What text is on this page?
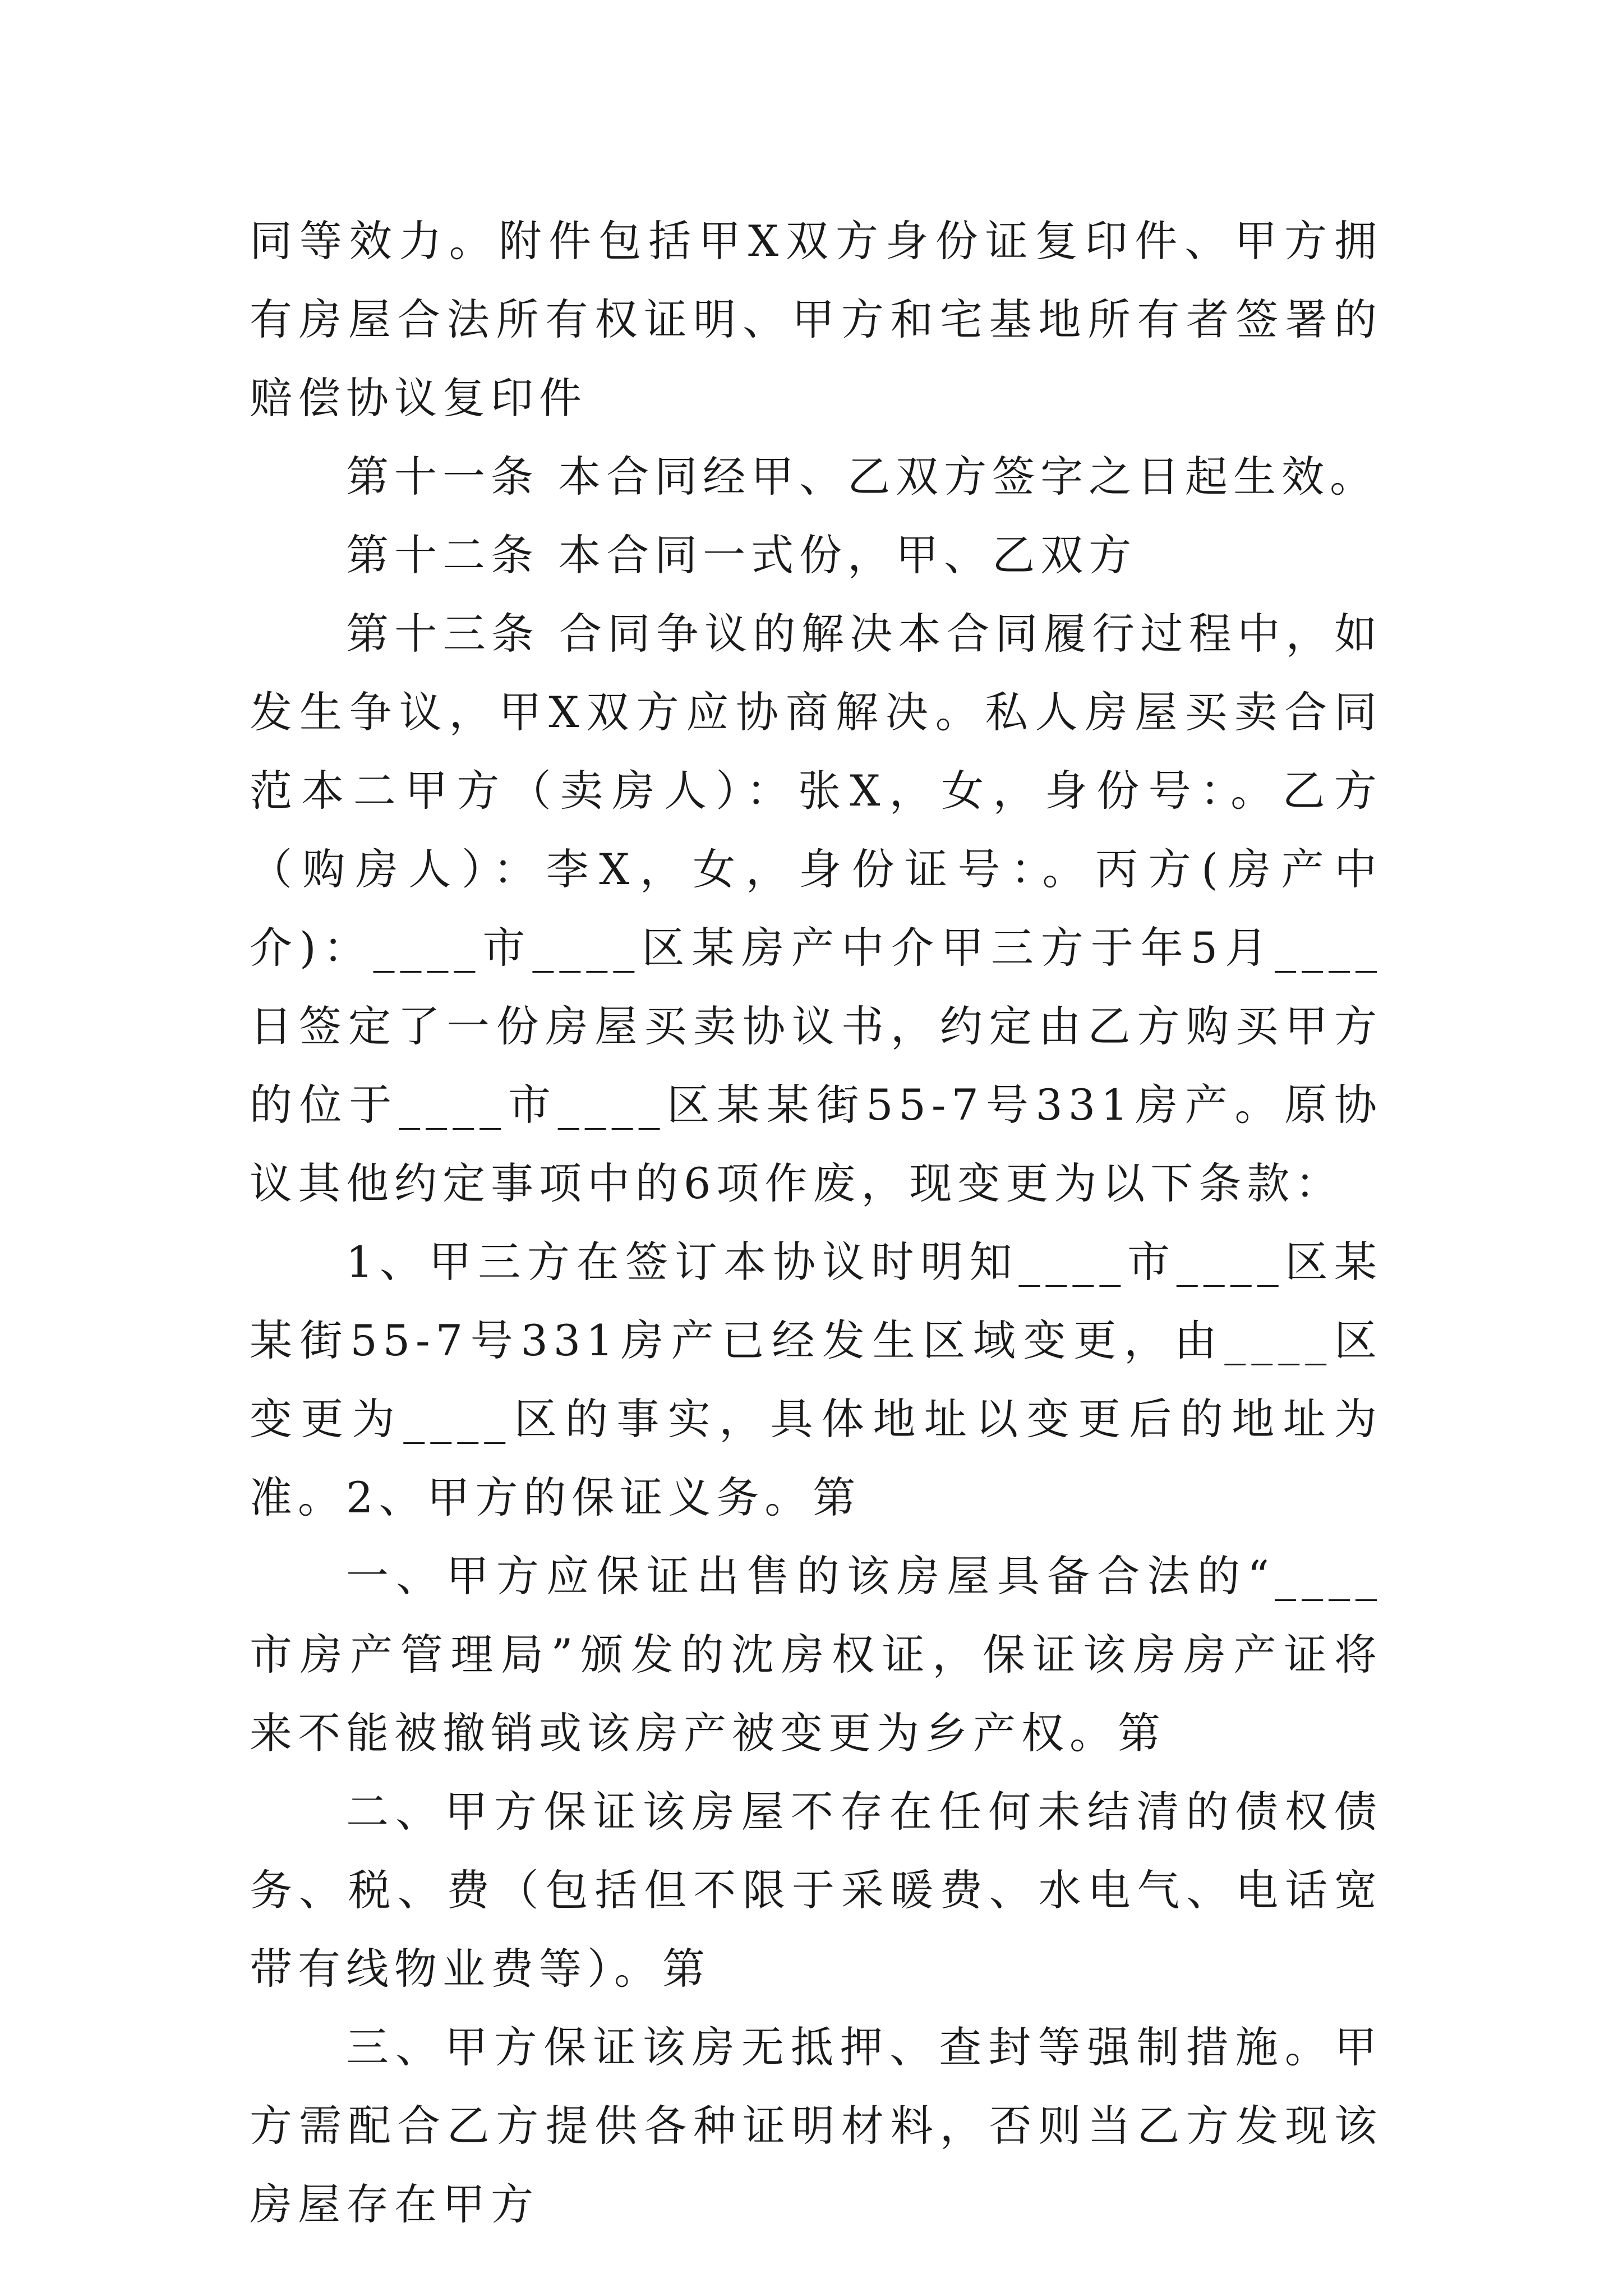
同等效力。附件包括甲X双方身份证复印件、甲方拥有房屋合法所有权证明、甲方和宅基地所有者签署的赔偿协议复印件

第十一条 本合同经甲、乙双方签字之日起生效。

第十二条 本合同一式份，甲、乙双方

第十三条 合同争议的解决本合同履行过程中，如发生争议，甲X双方应协商解决。私人房屋买卖合同范本二甲方（卖房人）：张X，女，身份号：。乙方（购房人）：李X，女，身份证号：。丙方(房产中介)：____市____区某房产中介甲三方于年5月____日签定了一份房屋买卖协议书，约定由乙方购买甲方的位于____市____区某某街55-7号331房产。原协议其他约定事项中的6项作废，现变更为以下条款：

1、甲三方在签订本协议时明知____市____区某某街55-7号331房产已经发生区域变更，由____区变更为____区的事实，具体地址以变更后的地址为准。2、甲方的保证义务。第

一、甲方应保证出售的该房屋具备合法的“____市房产管理局”颁发的沈房权证，保证该房房产证将来不能被撤销或该房产被变更为乡产权。第

二、甲方保证该房屋不存在任何未结清的债权债务、税、费（包括但不限于采暖费、水电气、电话宽带有线物业费等）。第

三、甲方保证该房无抵押、查封等强制措施。甲方需配合乙方提供各种证明材料，否则当乙方发现该房屋存在甲方
